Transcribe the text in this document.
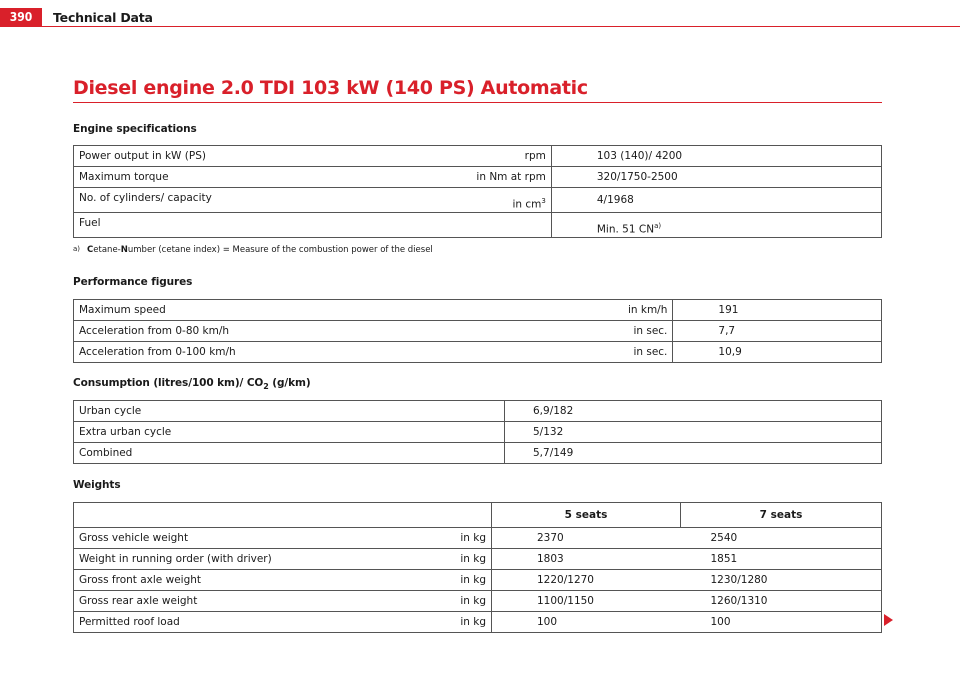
390	Technical Data
Diesel engine 2.0 TDI 103 kW (140 PS) Automatic
Engine specifications
Power output in kW (PS)	rpm	103 (140)/ 4200
Maximum torque	in Nm at rpm	320/1750-2500
No. of cylinders/ capacity	in $cm^3$	4/1968
Fuel		Min. 51 CN$^{a)}$
$^{a)}$ Cetane-Number (cetane index) = Measure of the combustion power of the diesel
Performance figures
Maximum speed	in km/h	191
Acceleration from 0-80 km/h	in sec.	7,7
Acceleration from 0-100 km/h	in sec.	10,9
Consumption (litres/100 km)/ $CO_2$ (g/km)
Urban cycle	6,9/182
Extra urban cycle	5/132
Combined	5,7/149
Weights
		5 seats	7 seats
Gross vehicle weight	in kg	2370	2540
Weight in running order (with driver)	in kg	1803	1851
Gross front axle weight	in kg	1220/1270	1230/1280
Gross rear axle weight	in kg	1100/1150	1260/1310
Permitted roof load	in kg	100	100
